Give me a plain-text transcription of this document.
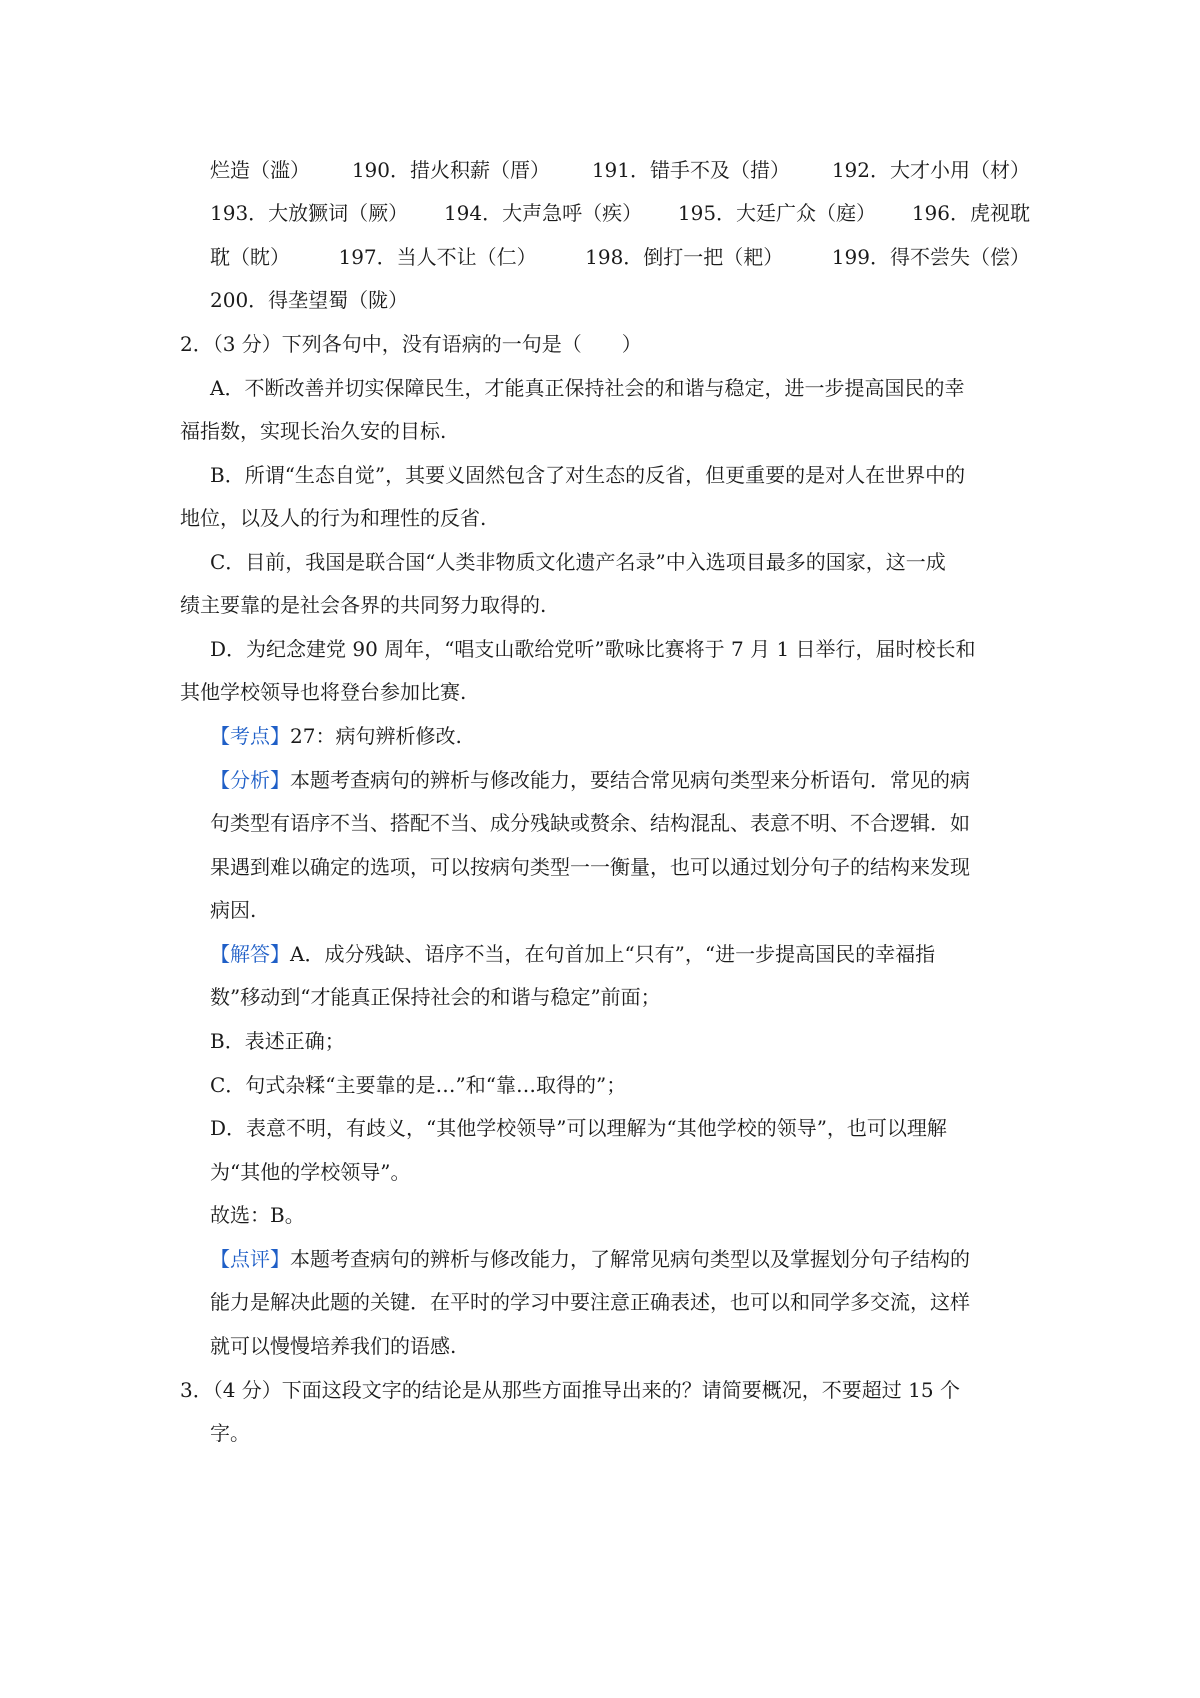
烂造（滥） 190．措火积薪（厝） 191．错手不及（措） 192．大才小用（材）
193．大放獗词（厥） 194．大声急呼（疾） 195．大廷广众（庭） 196．虎视耽
耽（眈） 197．当人不让（仁） 198．倒打一把（耙） 199．得不尝失（偿）
200．得垄望蜀（陇）
2．（3 分）下列各句中，没有语病的一句是（　　）
A．不断改善并切实保障民生，才能真正保持社会的和谐与稳定，进一步提高国民的幸
福指数，实现长治久安的目标.
B．所谓“生态自觉”，其要义固然包含了对生态的反省，但更重要的是对人在世界中的
地位，以及人的行为和理性的反省.
C．目前，我国是联合国“人类非物质文化遗产名录”中入选项目最多的国家，这一成
绩主要靠的是社会各界的共同努力取得的.
D．为纪念建党 90 周年，“唱支山歌给党听”歌咏比赛将于 7 月 1 日举行，届时校长和
其他学校领导也将登台参加比赛.
【考点】27：病句辨析修改.
【分析】本题考查病句的辨析与修改能力，要结合常见病句类型来分析语句．常见的病
句类型有语序不当、搭配不当、成分残缺或赘余、结构混乱、表意不明、不合逻辑．如
果遇到难以确定的选项，可以按病句类型一一衡量，也可以通过划分句子的结构来发现
病因.
【解答】A．成分残缺、语序不当，在句首加上“只有”，“进一步提高国民的幸福指
数”移动到“才能真正保持社会的和谐与稳定”前面；
B．表述正确；
C．句式杂糅“主要靠的是…”和“靠…取得的”；
D．表意不明，有歧义，“其他学校领导”可以理解为“其他学校的领导”，也可以理解
为“其他的学校领导”。
故选：B。
【点评】本题考查病句的辨析与修改能力，了解常见病句类型以及掌握划分句子结构的
能力是解决此题的关键．在平时的学习中要注意正确表述，也可以和同学多交流，这样
就可以慢慢培养我们的语感.
3．（4 分）下面这段文字的结论是从那些方面推导出来的？请简要概况，不要超过 15 个
字。
